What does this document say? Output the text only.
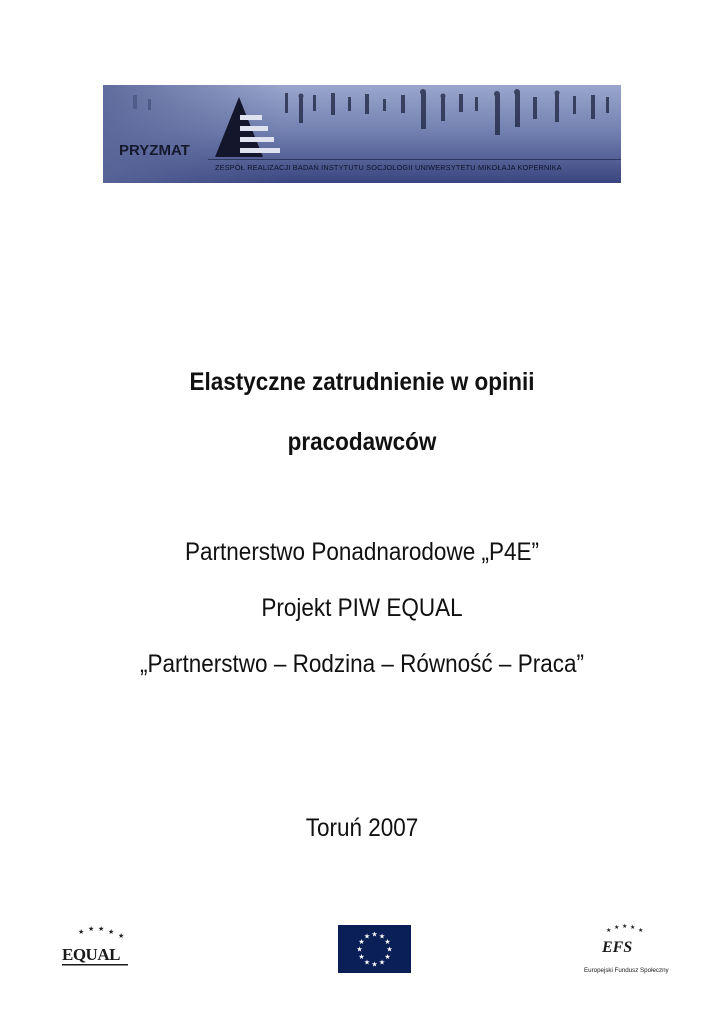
PRYZMAT
ZESPÓŁ REALIZACJI BADAŃ INSTYTUTU SOCJOLOGII UNIWERSYTETU MIKOŁAJA KOPERNIKA
Elastyczne zatrudnienie w opinii
pracodawców
Partnerstwo Ponadnarodowe „P4E”
Projekt PIW EQUAL
„Partnerstwo – Rodzina – Równość – Praca”
Toruń 2007
★ ★ ★ ★
★
EQUAL
★ ★
★
★
★
★
★
★
★
★
★
★
★ ★ ★ ★ ★
EFS
Europejski Fundusz Społeczny
